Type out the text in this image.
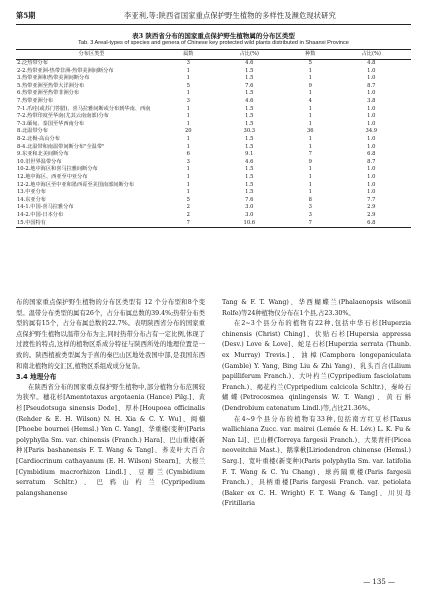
第5期	李亚利,等:陕西省国家重点保护野生植物的多样性及濒危现状研究
表3 陕西省分布的国家重点保护野生植物属的分布区类型
Tab. 3 Areal-types of species and genera of Chinese key protected wild plants distributed in Shaanxi Province
分布区类型	属数	占比(%)	种数	占比(%)
2.泛热带分布	3	4.6	5	4.8
2-2.热带亚洲-热带非洲-热带美洲间断分布	1	1.5	1	1.0
3.热带亚洲和热带美洲间断分布	1	1.5	1	1.0
5.热带亚洲至热带大洋洲分布	5	7.6	9	8.7
6.热带亚洲至热带非洲分布	1	1.5	1	1.0
7.热带亚洲分布	3	4.6	4	3.8
7-1.爪哇(或苏门答腊)、喜马拉雅间断或分布到华南、西南	1	1.5	1	1.0
7-2.热带印度至华南(尤其云南南部)分布	1	1.5	1	1.0
7-3.缅甸、泰国至华西南分布	1	1.5	1	1.0
8.北温带分布	20	30.3	36	34.9
8-2.北极-高山分布	1	1.5	1	1.0
8-4.北温带和南温带间断分布"全温带"	1	1.5	1	1.0
9.东亚和北美间断分布	6	9.1	7	6.8
10.旧世界温带分布	3	4.6	9	8.7
10-2.地中海区和喜马拉雅间断分布	1	1.5	1	1.0
12.地中海区、西亚至中亚分布	1	1.5	1	1.0
12-2.地中海区至中亚和墨西哥至美国南部间断分布	1	1.5	1	1.0
13.中亚分布	1	1.5	1	1.0
14.东亚分布	5	7.6	8	7.7
14-1.中国-喜马拉雅分布	2	3.0	3	2.9
14-2.中国-日本分布	2	3.0	3	2.9
15.中国特有	7	10.6	7	6.8

布的国家重点保护野生植物的分布区类型有 12 个分布型和8个变型。温带分布类型的属有26个，占分布属总数的39.4%;热带分布类型的属有15个，占分布属总数的22.7%。表明陕西省分布的国家重点保护野生植物以温带分布为主,同时热带分布占有一定比例,体现了过渡性的特点,这样的植物区系成分特征与陕西所处的地理位置是一致的。陕西植被类型属为于喜的秦巴山区地处我国中部,是我国东西和南北植物的交汇区,植物区系组成成分复杂。

3.4 地理分布

在陕西省分布的国家重点保护野生植物中,部分植物分布范围较为狭窄。穗花杉[Amentotaxus argotaenia (Hance) Pilg.]、黄杉[Pseudotsuga sinensis Dode]、厚朴[Houpoea officinalis (Rehder & E. H. Wilson) N. H. Xia & C. Y. Wu]、闽楠[Phoebe bournei (Hemsl.) Yen C. Yang]、华重楼(变种)[Paris polyphylla Sm. var. chinensis (Franch.) Hara]、巴山重楼(新种)[Paris bashanensis F. T. Wang & Tang]、荞麦叶大百合[Cardiocrinum cathayanum (E. H. Wilson) Stearn]、大根兰[Cymbidium macrorhizon Lindl.]、豆瓣兰(Cymbidium serratum Schltr.)、巴鸦山杓兰(Cypripedium palangshanense

Tang & F. T. Wang)、华西蝴蝶兰(Phalaenopsis wilsonii Rolfe)等24种植物仅分布在1个县,占23.30%。

在2~3个县分布的植物有22种,包括中华石杉[Huperzia chinensis (Christ) Ching]、伏贴石杉[Hupersia appressa (Desv.) Love & Love]、蛇足石杉[Huperzia serrata (Thunb. ex Murray) Trevis.]、油樟(Camphora longepaniculata (Gamble) Y. Yang, Bing Liu & Zhi Yang)、乳头百合(Lilium papilliferum Franch.)、大叶杓兰(Cypripedium fasciolatum Franch.)、褐花杓兰(Cypripedium calcicola Schltr.)、秦岭石蝴蝶(Petrocosmea qinlingensis W. T. Wang)、黄石斛(Dendrobium catenatum Lindl.)等,占比21.36%。

在4~9个县分布的植物有33种,包括南方红豆杉[Taxus wallichiana Zucc. var. mairei (Lemée & H. Lév.) L. K. Fu & Nan Li]、巴山榧(Torreya fargesii Franch.)、大果青杆(Picea neoveitchii Mast.)、鹅掌楸[Liriodendron chinense (Hemsl.) Sarg.]、宽叶重楼(新变种)(Paris polyphylla Sm. var. latifolia F. T. Wang & C. Yu Chang)、球药隔重楼(Paris fargesii Franch.)、具柄重楼[Paris fargesii Franch. var. petiolata (Baker ex C. H. Wright) F. T. Wang & Tang]、川贝母(Fritillaria

— 135 —
